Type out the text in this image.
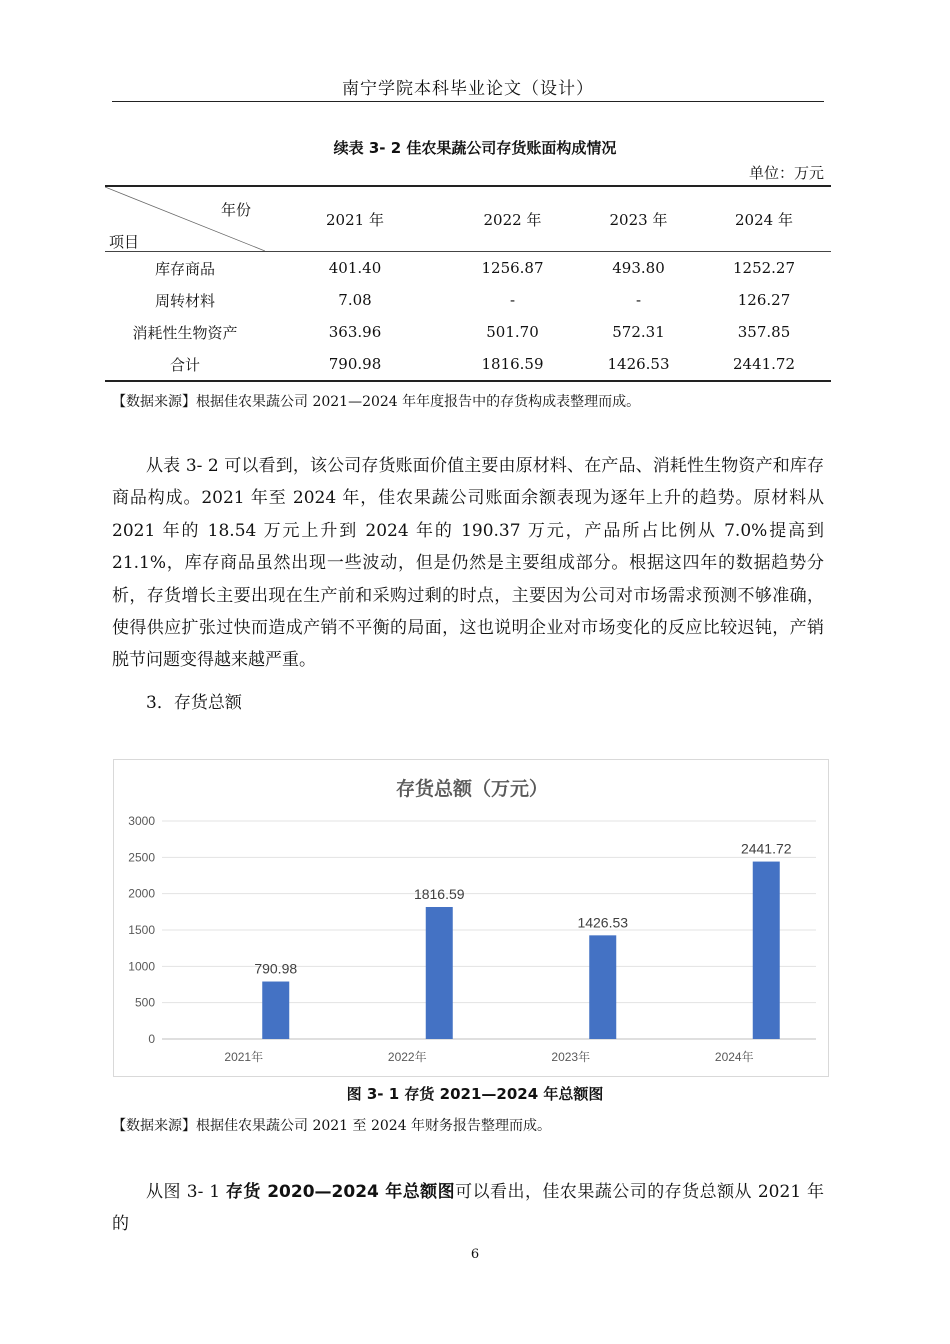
南宁学院本科毕业论文（设计）
续表 3- 2 佳农果蔬公司存货账面构成情况
单位：万元
年份
项目	2021 年	2022 年	2023 年	2024 年
库存商品	401.40	1256.87	493.80	1252.27
周转材料	7.08	-	-	126.27
消耗性生物资产	363.96	501.70	572.31	357.85
合计	790.98	1816.59	1426.53	2441.72
【数据来源】根据佳农果蔬公司 2021—2024 年年度报告中的存货构成表整理而成。

从表 3- 2 可以看到，该公司存货账面价值主要由原材料、在产品、消耗性生物资产和库存商品构成。2021 年至 2024 年，佳农果蔬公司账面余额表现为逐年上升的趋势。原材料从 2021 年的 18.54 万元上升到 2024 年的 190.37 万元，产品所占比例从 7.0%提高到 21.1%，库存商品虽然出现一些波动，但是仍然是主要组成部分。根据这四年的数据趋势分析，存货增长主要出现在生产前和采购过剩的时点，主要因为公司对市场需求预测不够准确，使得供应扩张过快而造成产销不平衡的局面，这也说明企业对市场变化的反应比较迟钝，产销脱节问题变得越来越严重。

3．存货总额
存货总额（万元）
0
500
1000
1500
2000
2500
3000
790.98
2021年
1816.59
2022年
1426.53
2023年
2441.72
2024年
图 3- 1 存货 2021—2024 年总额图
【数据来源】根据佳农果蔬公司 2021 至 2024 年财务报告整理而成。

从图 3- 1 存货 2020—2024 年总额图可以看出，佳农果蔬公司的存货总额从 2021 年的

6
